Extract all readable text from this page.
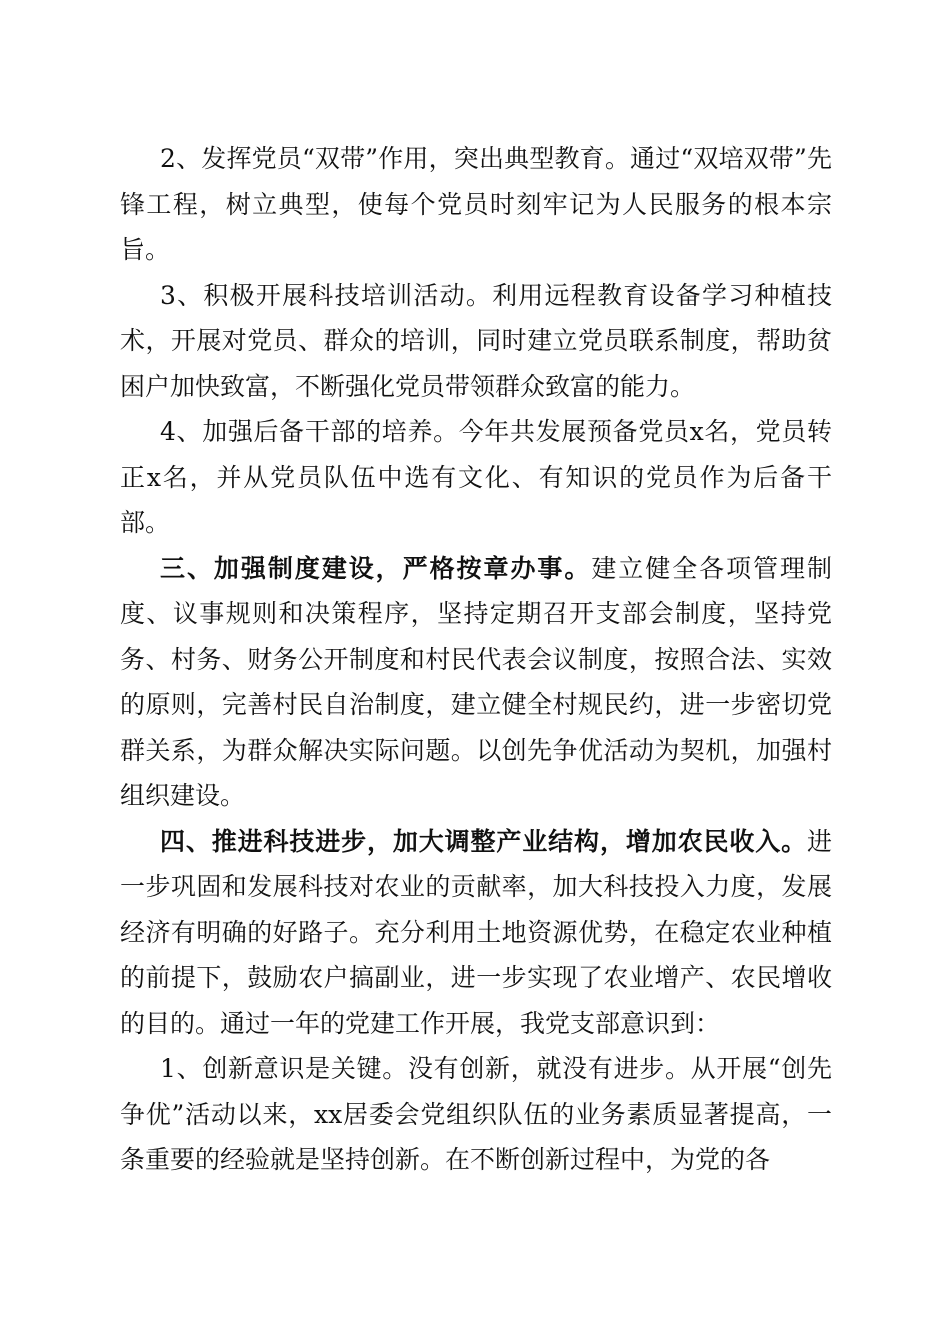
2、发挥党员“双带”作用，突出典型教育。通过“双培双带”先锋工程，树立典型，使每个党员时刻牢记为人民服务的根本宗旨。

3、积极开展科技培训活动。利用远程教育设备学习种植技术，开展对党员、群众的培训，同时建立党员联系制度，帮助贫困户加快致富，不断强化党员带领群众致富的能力。

4、加强后备干部的培养。今年共发展预备党员x名，党员转正x名，并从党员队伍中选有文化、有知识的党员作为后备干部。

三、加强制度建设，严格按章办事。建立健全各项管理制度、议事规则和决策程序，坚持定期召开支部会制度，坚持党务、村务、财务公开制度和村民代表会议制度，按照合法、实效的原则，完善村民自治制度，建立健全村规民约，进一步密切党群关系，为群众解决实际问题。以创先争优活动为契机，加强村组织建设。

四、推进科技进步，加大调整产业结构，增加农民收入。进一步巩固和发展科技对农业的贡献率，加大科技投入力度，发展经济有明确的好路子。充分利用土地资源优势，在稳定农业种植的前提下，鼓励农户搞副业，进一步实现了农业增产、农民增收的目的。通过一年的党建工作开展，我党支部意识到：

1、创新意识是关键。没有创新，就没有进步。从开展“创先争优”活动以来，xx居委会党组织队伍的业务素质显著提高，一条重要的经验就是坚持创新。在不断创新过程中，为党的各
